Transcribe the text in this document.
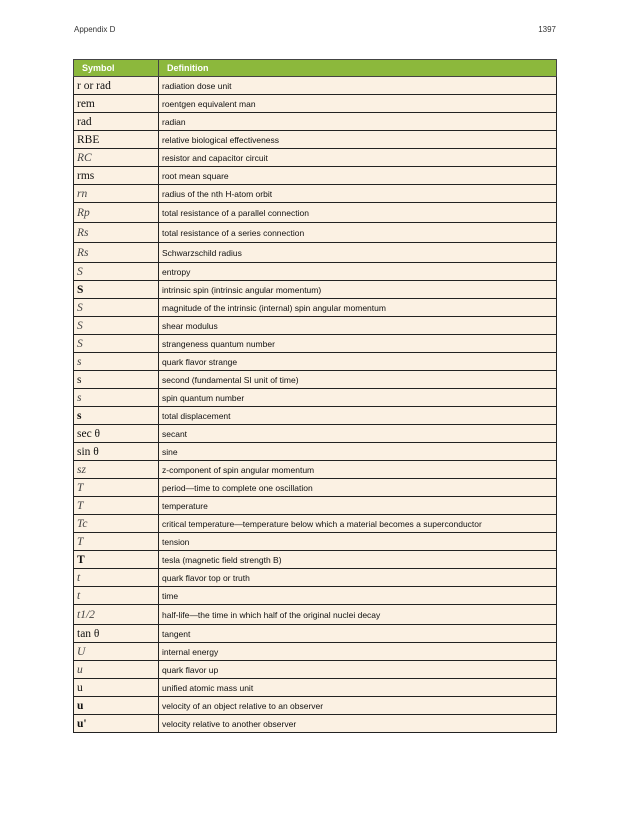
Appendix D	1397
Symbol	Definition
r or rad	radiation dose unit
rem	roentgen equivalent man
rad	radian
RBE	relative biological effectiveness
RC	resistor and capacitor circuit
rms	root mean square
rn	radius of the nth H-atom orbit
Rp	total resistance of a parallel connection
Rs	total resistance of a series connection
Rs	Schwarzschild radius
S	entropy
S	intrinsic spin (intrinsic angular momentum)
S	magnitude of the intrinsic (internal) spin angular momentum
S	shear modulus
S	strangeness quantum number
s	quark flavor strange
s	second (fundamental SI unit of time)
s	spin quantum number
s	total displacement
sec θ	secant
sin θ	sine
sz	z-component of spin angular momentum
T	period—time to complete one oscillation
T	temperature
Tc	critical temperature—temperature below which a material becomes a superconductor
T	tension
T	tesla (magnetic field strength B)
t	quark flavor top or truth
t	time
t1/2	half-life—the time in which half of the original nuclei decay
tan θ	tangent
U	internal energy
u	quark flavor up
u	unified atomic mass unit
u	velocity of an object relative to an observer
u'	velocity relative to another observer
